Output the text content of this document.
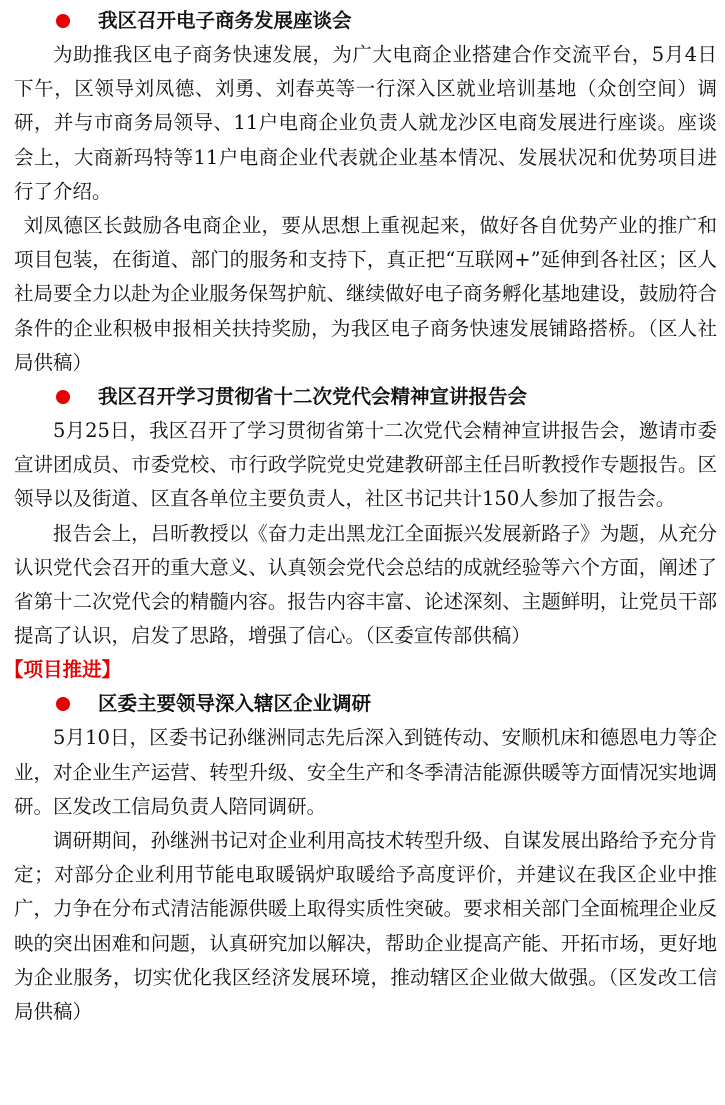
我区召开电子商务发展座谈会

为助推我区电子商务快速发展，为广大电商企业搭建合作交流平台，5月4日下午，区领导刘凤德、刘勇、刘春英等一行深入区就业培训基地（众创空间）调研，并与市商务局领导、11户电商企业负责人就龙沙区电商发展进行座谈。座谈会上，大商新玛特等11户电商企业代表就企业基本情况、发展状况和优势项目进行了介绍。

刘凤德区长鼓励各电商企业，要从思想上重视起来，做好各自优势产业的推广和项目包装，在街道、部门的服务和支持下，真正把“互联网+”延伸到各社区；区人社局要全力以赴为企业服务保驾护航、继续做好电子商务孵化基地建设，鼓励符合条件的企业积极申报相关扶持奖励，为我区电子商务快速发展铺路搭桥。（区人社局供稿）

我区召开学习贯彻省十二次党代会精神宣讲报告会

5月25日，我区召开了学习贯彻省第十二次党代会精神宣讲报告会，邀请市委宣讲团成员、市委党校、市行政学院党史党建教研部主任吕昕教授作专题报告。区领导以及街道、区直各单位主要负责人，社区书记共计150人参加了报告会。

报告会上，吕昕教授以《奋力走出黑龙江全面振兴发展新路子》为题，从充分认识党代会召开的重大意义、认真领会党代会总结的成就经验等六个方面，阐述了省第十二次党代会的精髓内容。报告内容丰富、论述深刻、主题鲜明，让党员干部提高了认识，启发了思路，增强了信心。（区委宣传部供稿）

【项目推进】
区委主要领导深入辖区企业调研

5月10日，区委书记孙继洲同志先后深入到链传动、安顺机床和德恩电力等企业，对企业生产运营、转型升级、安全生产和冬季清洁能源供暖等方面情况实地调研。区发改工信局负责人陪同调研。

调研期间，孙继洲书记对企业利用高技术转型升级、自谋发展出路给予充分肯定；对部分企业利用节能电取暖锅炉取暖给予高度评价，并建议在我区企业中推广，力争在分布式清洁能源供暖上取得实质性突破。要求相关部门全面梳理企业反映的突出困难和问题，认真研究加以解决，帮助企业提高产能、开拓市场，更好地为企业服务，切实优化我区经济发展环境，推动辖区企业做大做强。（区发改工信局供稿）
